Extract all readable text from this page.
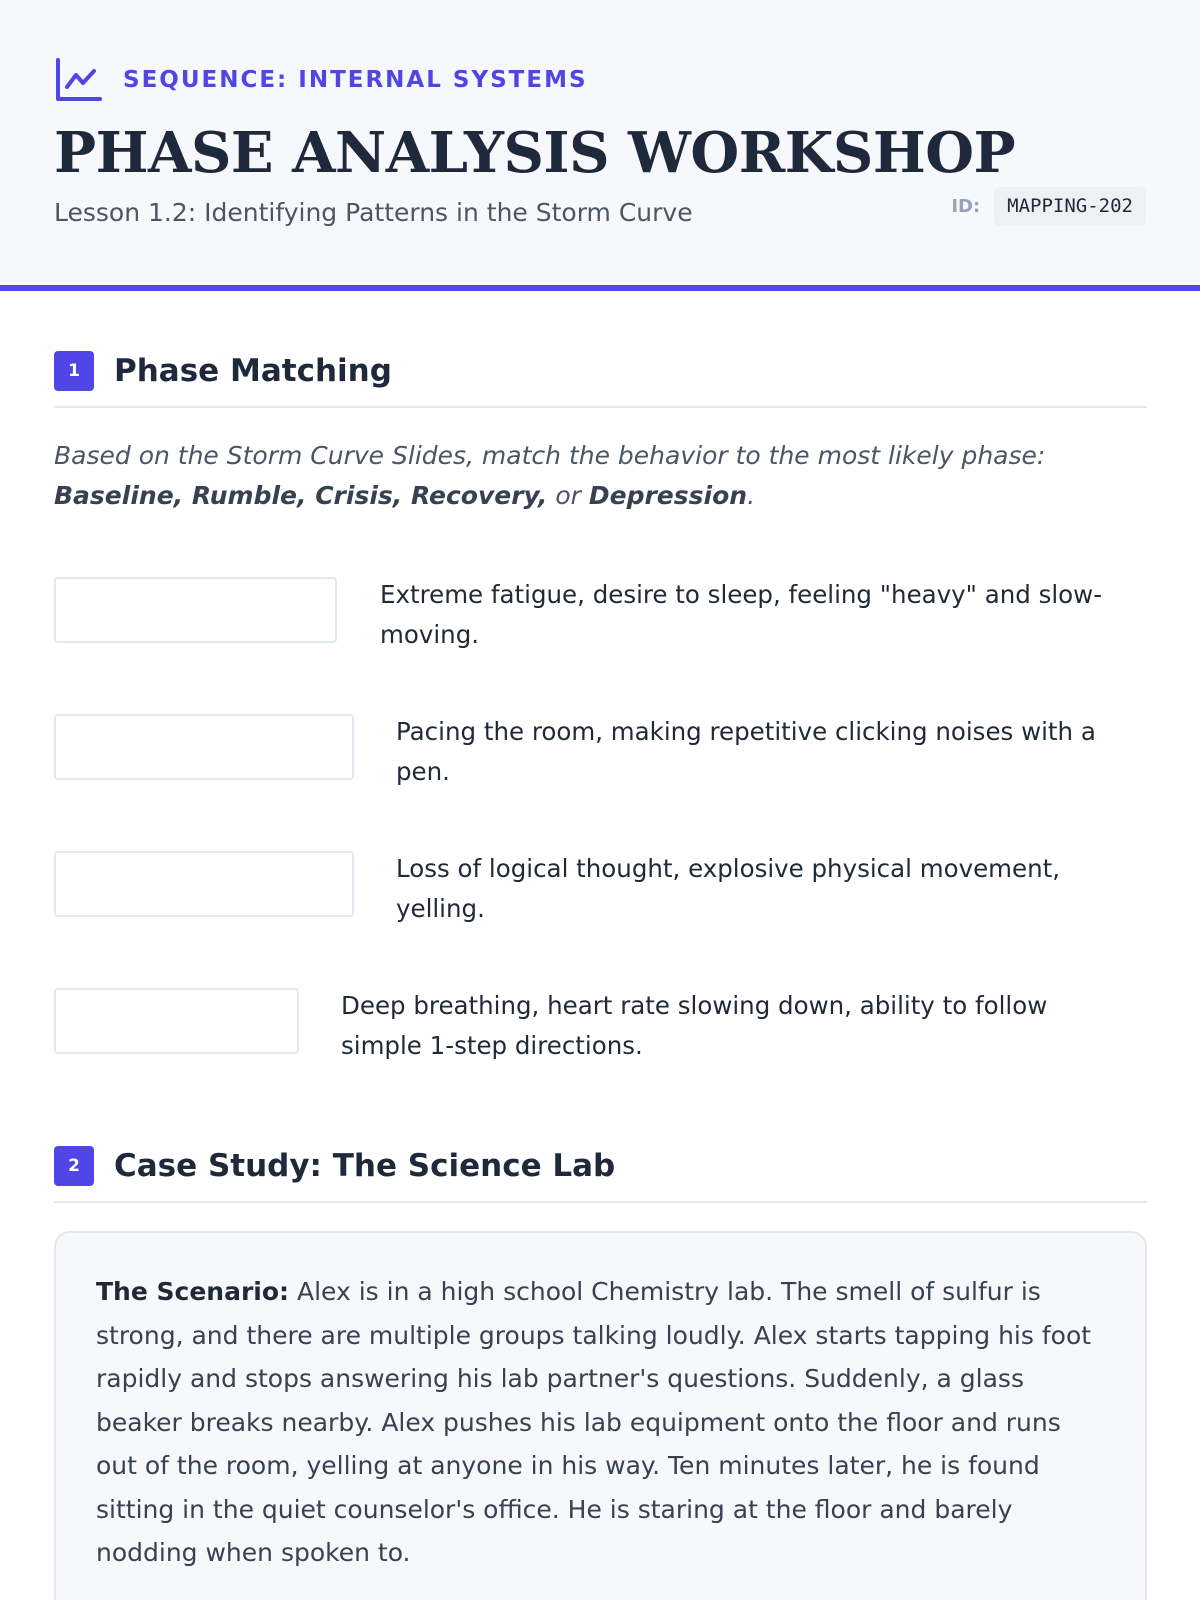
SEQUENCE: INTERNAL SYSTEMS
PHASE ANALYSIS WORKSHOP
Lesson 1.2: Identifying Patterns in the Storm Curve	ID:	MAPPING-202
1	Phase Matching

Based on the Storm Curve Slides, match the behavior to the most likely phase:
Baseline, Rumble, Crisis, Recovery, or Depression.

Extreme fatigue, desire to sleep, feeling "heavy" and slow-moving.
Pacing the room, making repetitive clicking noises with a pen.
Loss of logical thought, explosive physical movement, yelling.
Deep breathing, heart rate slowing down, ability to follow simple 1-step directions.
2	Case Study: The Science Lab
The Scenario: Alex is in a high school Chemistry lab. The smell of sulfur is strong, and there are multiple groups talking loudly. Alex starts tapping his foot rapidly and stops answering his lab partner's questions. Suddenly, a glass beaker breaks nearby. Alex pushes his lab equipment onto the floor and runs out of the room, yelling at anyone in his way. Ten minutes later, he is found sitting in the quiet counselor's office. He is staring at the floor and barely nodding when spoken to.
